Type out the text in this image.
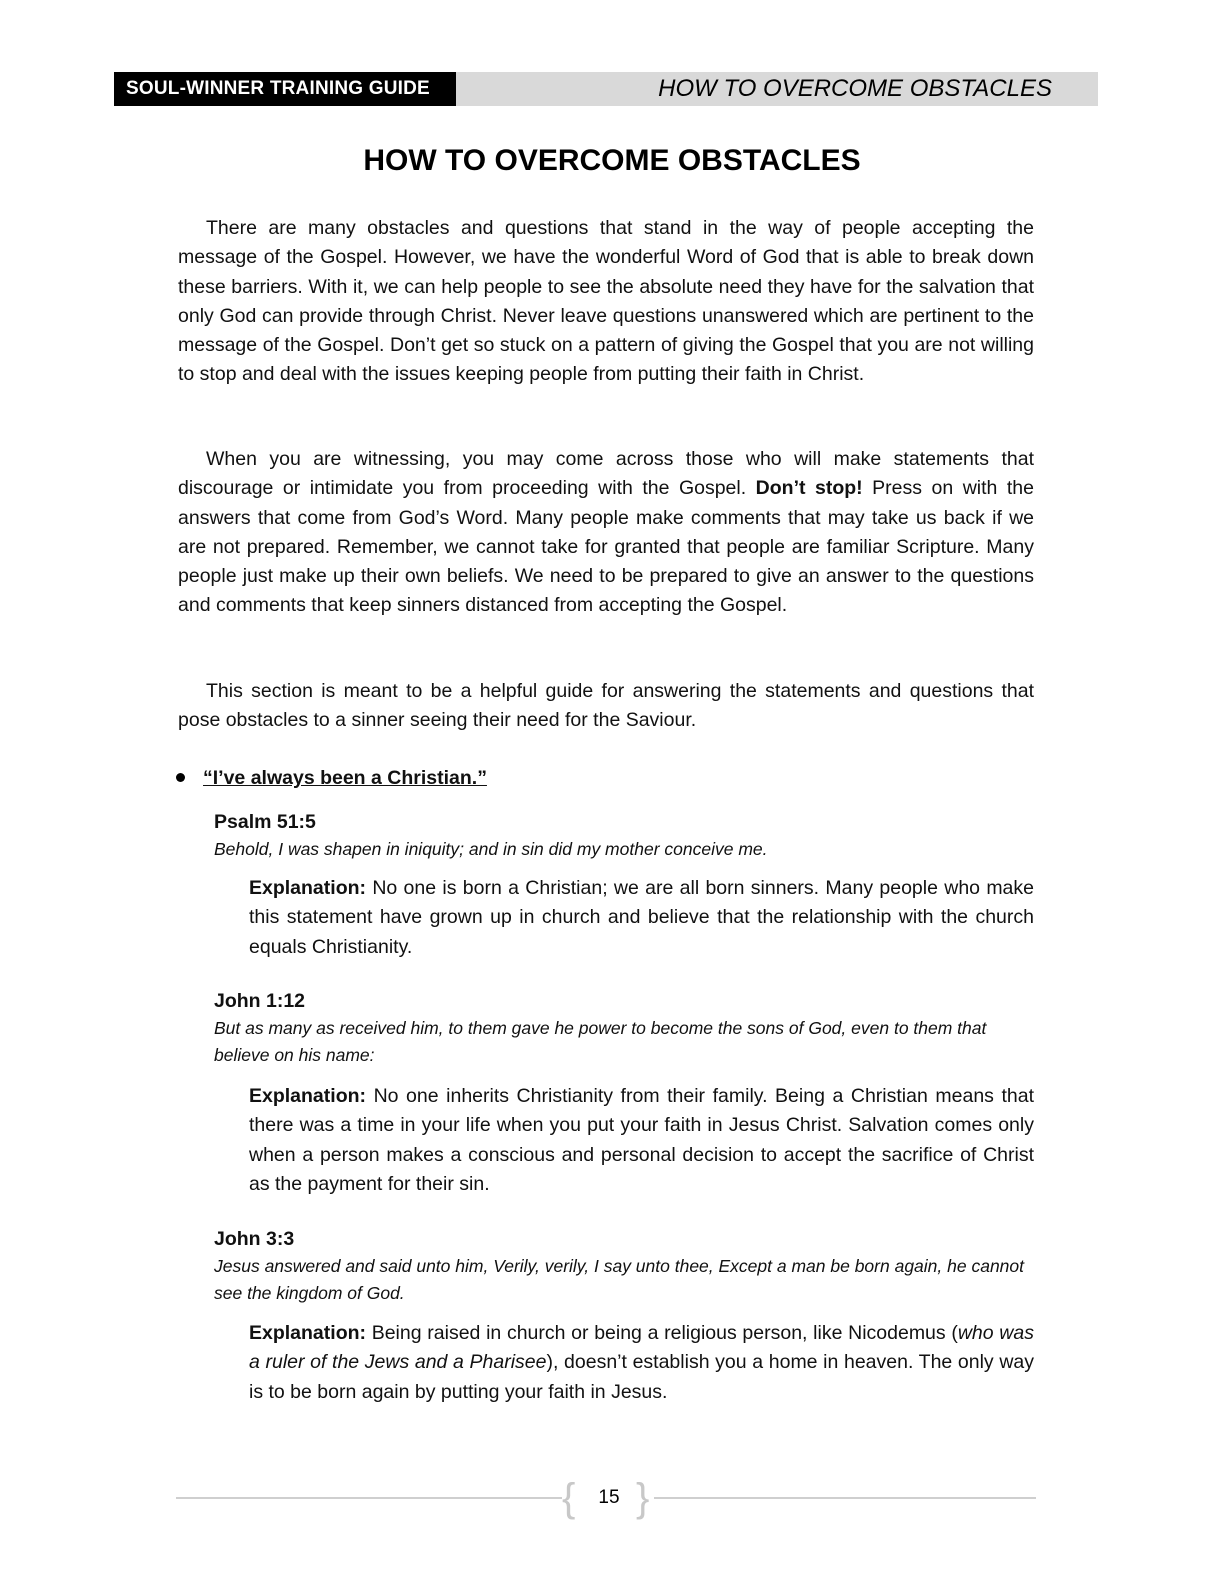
SOUL-WINNER TRAINING GUIDE	HOW TO OVERCOME OBSTACLES
HOW TO OVERCOME OBSTACLES

There are many obstacles and questions that stand in the way of people accepting the message of the Gospel. However, we have the wonderful Word of God that is able to break down these barriers. With it, we can help people to see the absolute need they have for the salvation that only God can provide through Christ. Never leave questions unanswered which are pertinent to the message of the Gospel. Don’t get so stuck on a pattern of giving the Gospel that you are not willing to stop and deal with the issues keeping people from putting their faith in Christ.

When you are witnessing, you may come across those who will make statements that discourage or intimidate you from proceeding with the Gospel. Don’t stop! Press on with the answers that come from God’s Word. Many people make comments that may take us back if we are not prepared. Remember, we cannot take for granted that people are familiar Scripture. Many people just make up their own beliefs. We need to be prepared to give an answer to the questions and comments that keep sinners distanced from accepting the Gospel.

This section is meant to be a helpful guide for answering the statements and questions that pose obstacles to a sinner seeing their need for the Saviour.

“I’ve always been a Christian.”
Psalm 51:5

Behold, I was shapen in iniquity; and in sin did my mother conceive me.

Explanation: No one is born a Christian; we are all born sinners. Many people who make this statement have grown up in church and believe that the relationship with the church equals Christianity.

John 1:12

But as many as received him, to them gave he power to become the sons of God, even to them that believe on his name:

Explanation: No one inherits Christianity from their family. Being a Christian means that there was a time in your life when you put your faith in Jesus Christ. Salvation comes only when a person makes a conscious and personal decision to accept the sacrifice of Christ as the payment for their sin.

John 3:3

Jesus answered and said unto him, Verily, verily, I say unto thee, Except a man be born again, he cannot see the kingdom of God.

Explanation: Being raised in church or being a religious person, like Nicodemus (who was a ruler of the Jews and a Pharisee), doesn’t establish you a home in heaven. The only way is to be born again by putting your faith in Jesus.

{	15 }
